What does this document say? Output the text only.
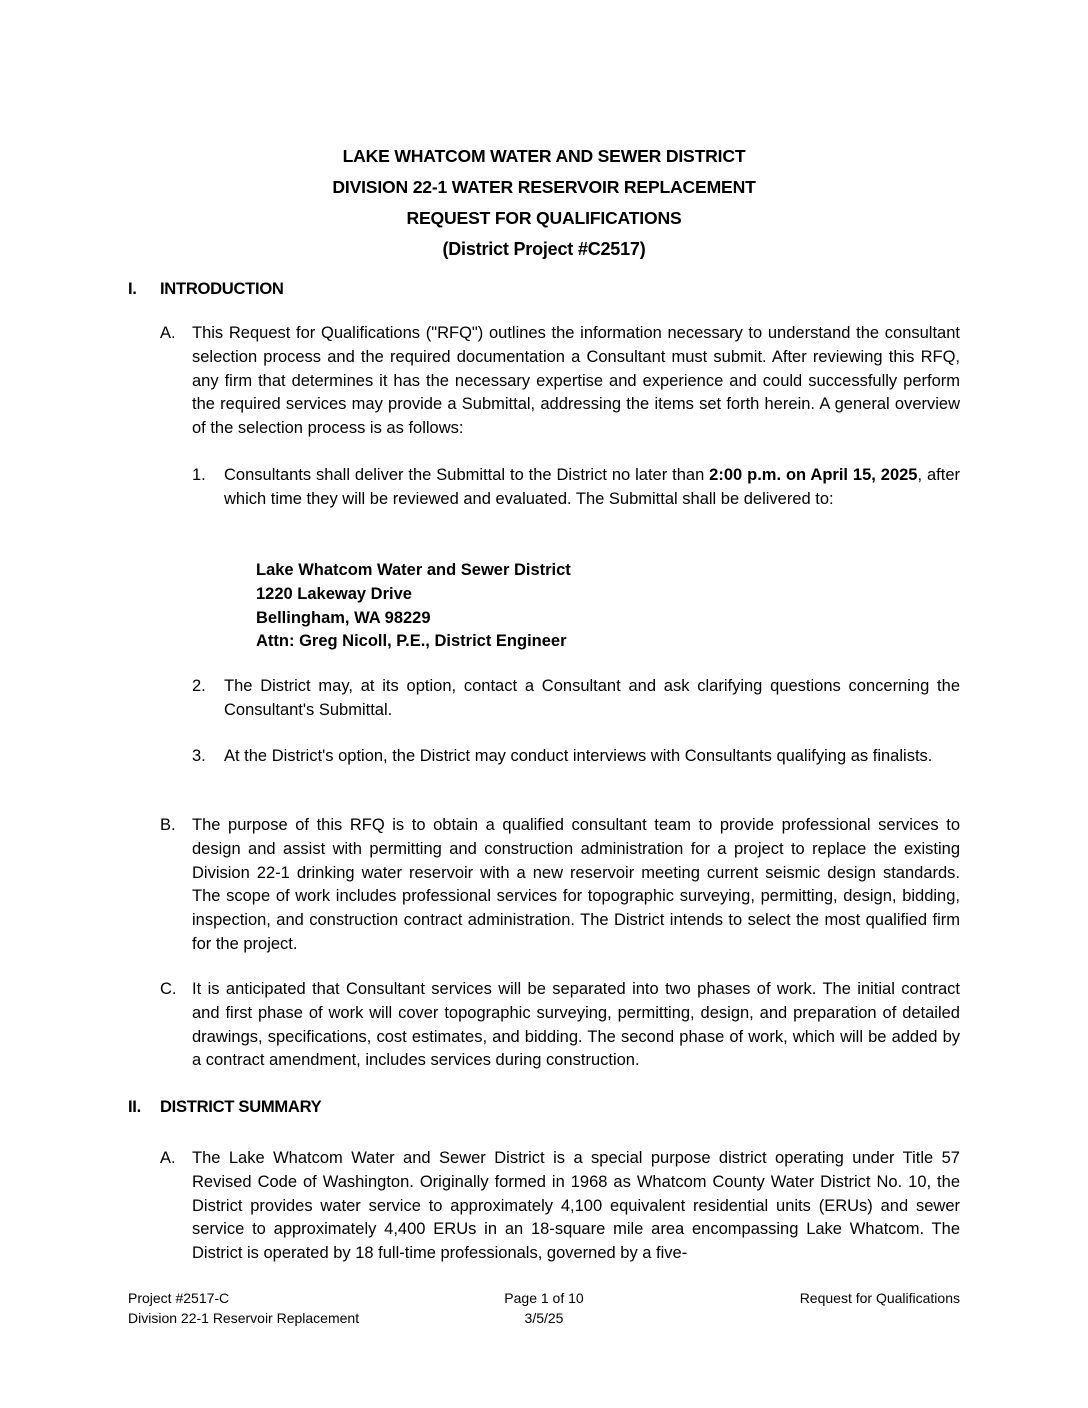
LAKE WHATCOM WATER AND SEWER DISTRICT
DIVISION 22-1 WATER RESERVOIR REPLACEMENT
REQUEST FOR QUALIFICATIONS
(District Project #C2517)
I. INTRODUCTION
A. This Request for Qualifications ("RFQ") outlines the information necessary to understand the consultant selection process and the required documentation a Consultant must submit. After reviewing this RFQ, any firm that determines it has the necessary expertise and experience and could successfully perform the required services may provide a Submittal, addressing the items set forth herein. A general overview of the selection process is as follows:
1. Consultants shall deliver the Submittal to the District no later than 2:00 p.m. on April 15, 2025, after which time they will be reviewed and evaluated. The Submittal shall be delivered to:
Lake Whatcom Water and Sewer District
1220 Lakeway Drive
Bellingham, WA 98229
Attn: Greg Nicoll, P.E., District Engineer
2. The District may, at its option, contact a Consultant and ask clarifying questions concerning the Consultant's Submittal.
3. At the District's option, the District may conduct interviews with Consultants qualifying as finalists.
B. The purpose of this RFQ is to obtain a qualified consultant team to provide professional services to design and assist with permitting and construction administration for a project to replace the existing Division 22-1 drinking water reservoir with a new reservoir meeting current seismic design standards. The scope of work includes professional services for topographic surveying, permitting, design, bidding, inspection, and construction contract administration. The District intends to select the most qualified firm for the project.
C. It is anticipated that Consultant services will be separated into two phases of work. The initial contract and first phase of work will cover topographic surveying, permitting, design, and preparation of detailed drawings, specifications, cost estimates, and bidding. The second phase of work, which will be added by a contract amendment, includes services during construction.
II. DISTRICT SUMMARY
A. The Lake Whatcom Water and Sewer District is a special purpose district operating under Title 57 Revised Code of Washington. Originally formed in 1968 as Whatcom County Water District No. 10, the District provides water service to approximately 4,100 equivalent residential units (ERUs) and sewer service to approximately 4,400 ERUs in an 18-square mile area encompassing Lake Whatcom. The District is operated by 18 full-time professionals, governed by a five-
Project #2517-C
Division 22-1 Reservoir Replacement
Page 1 of 10
3/5/25
Request for Qualifications
